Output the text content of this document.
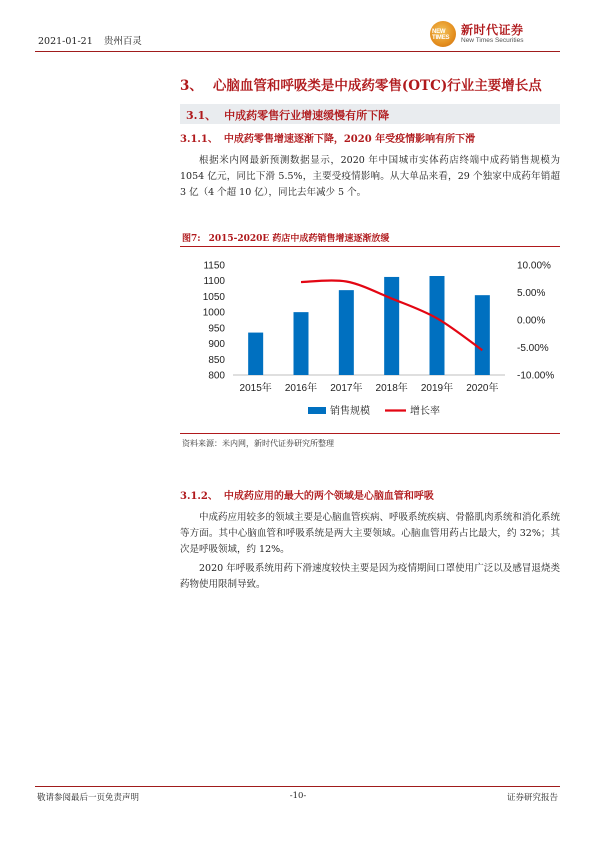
2021-01-21 贵州百灵
NEW TIMES
新时代证券
New Times Securities
3、 心脑血管和呼吸类是中成药零售(OTC)行业主要增长点
3.1、 中成药零售行业增速缓慢有所下降
3.1.1、 中成药零售增速逐渐下降，2020 年受疫情影响有所下滑
根据米内网最新预测数据显示，2020 年中国城市实体药店终端中成药销售规模为 1054 亿元，同比下滑 5.5%，主要受疫情影响。从大单品来看，29 个独家中成药年销超 3 亿（4 个超 10 亿），同比去年减少 5 个。
图7: 2015-2020E 药店中成药销售增速逐渐放缓
800
850
900
950
1000
1050
1100
1150
-10.00%
-5.00%
0.00%
5.00%
10.00%
2015年 2016年 2017年 2018年 2019年 2020年
销售规模	增长率
资料来源：米内网，新时代证券研究所整理
3.1.2、 中成药应用的最大的两个领域是心脑血管和呼吸
中成药应用较多的领域主要是心脑血管疾病、呼吸系统疾病、骨骼肌肉系统和消化系统等方面。其中心脑血管和呼吸系统是两大主要领域。心脑血管用药占比最大，约 32%；其次是呼吸领域，约 12%。
2020 年呼吸系统用药下滑速度较快主要是因为疫情期间口罩使用广泛以及感冒退烧类药物使用限制导致。
敬请参阅最后一页免责声明	-10-	证券研究报告
